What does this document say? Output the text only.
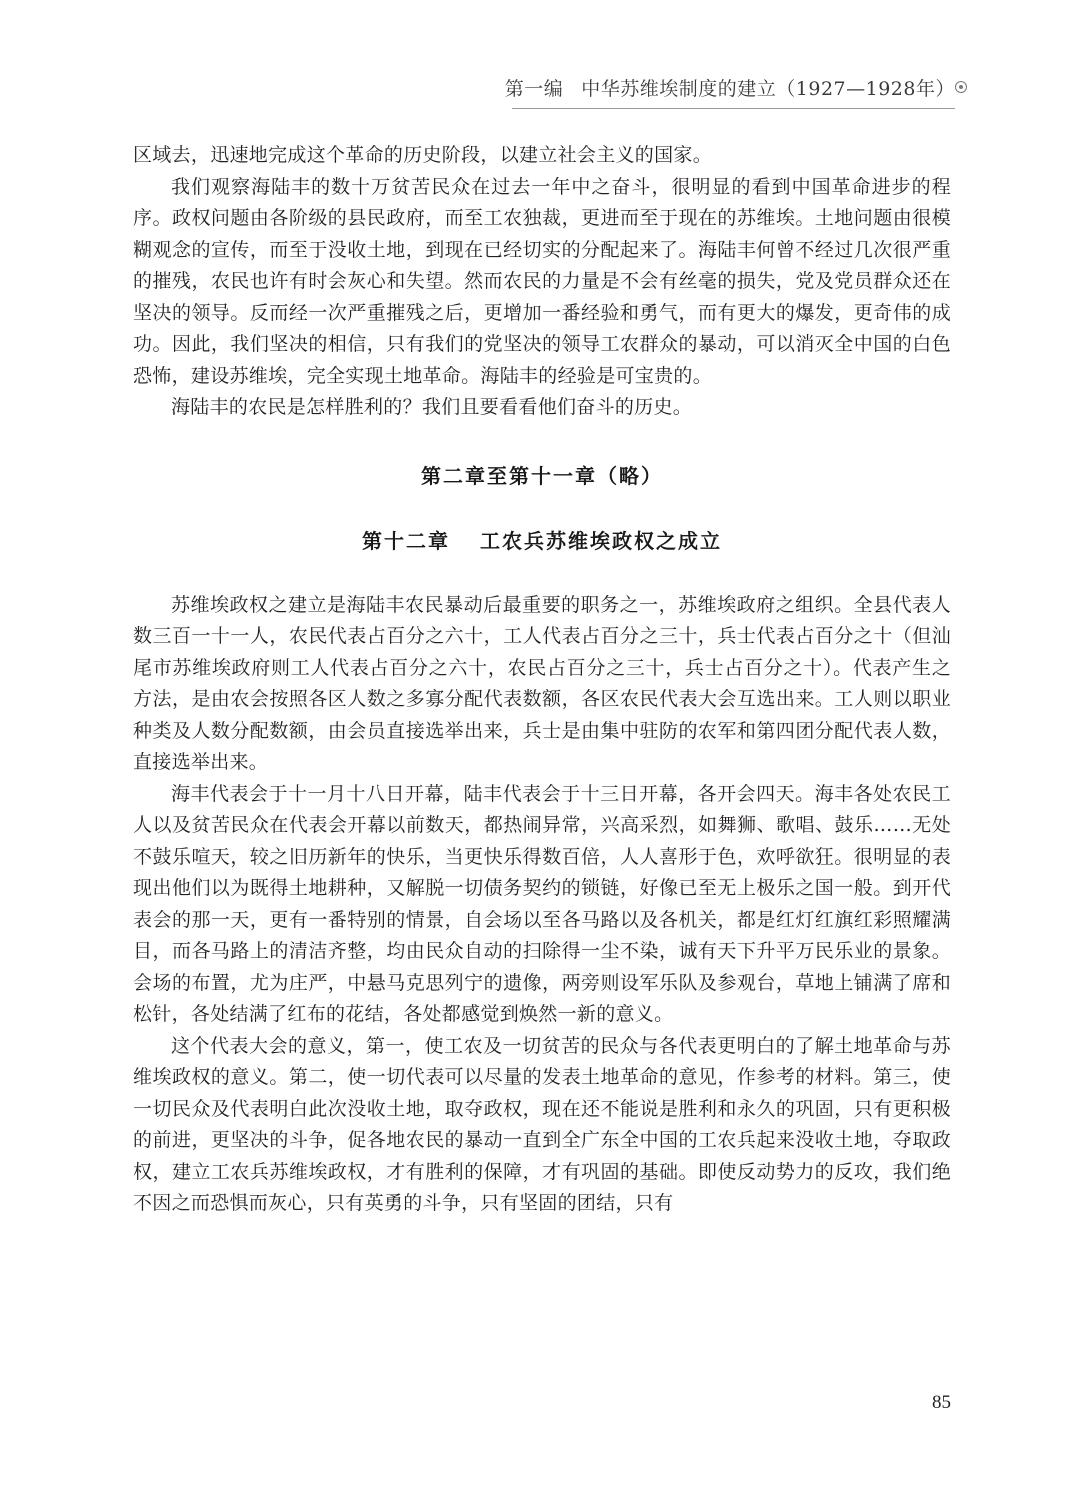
第一编 中华苏维埃制度的建立（1927—1928年）

区域去，迅速地完成这个革命的历史阶段，以建立社会主义的国家。

我们观察海陆丰的数十万贫苦民众在过去一年中之奋斗，很明显的看到中国革命进步的程序。政权问题由各阶级的县民政府，而至工农独裁，更进而至于现在的苏维埃。土地问题由很模糊观念的宣传，而至于没收土地，到现在已经切实的分配起来了。海陆丰何曾不经过几次很严重的摧残，农民也许有时会灰心和失望。然而农民的力量是不会有丝毫的损失，党及党员群众还在坚决的领导。反而经一次严重摧残之后，更增加一番经验和勇气，而有更大的爆发，更奇伟的成功。因此，我们坚决的相信，只有我们的党坚决的领导工农群众的暴动，可以消灭全中国的白色恐怖，建设苏维埃，完全实现土地革命。海陆丰的经验是可宝贵的。

海陆丰的农民是怎样胜利的？我们且要看看他们奋斗的历史。

第二章至第十一章（略）
第十二章 工农兵苏维埃政权之成立

苏维埃政权之建立是海陆丰农民暴动后最重要的职务之一，苏维埃政府之组织。全县代表人数三百一十一人，农民代表占百分之六十，工人代表占百分之三十，兵士代表占百分之十（但汕尾市苏维埃政府则工人代表占百分之六十，农民占百分之三十，兵士占百分之十）。代表产生之方法，是由农会按照各区人数之多寡分配代表数额，各区农民代表大会互选出来。工人则以职业种类及人数分配数额，由会员直接选举出来，兵士是由集中驻防的农军和第四团分配代表人数，直接选举出来。

海丰代表会于十一月十八日开幕，陆丰代表会于十三日开幕，各开会四天。海丰各处农民工人以及贫苦民众在代表会开幕以前数天，都热闹异常，兴高采烈，如舞狮、歌唱、鼓乐……无处不鼓乐喧天，较之旧历新年的快乐，当更快乐得数百倍，人人喜形于色，欢呼欲狂。很明显的表现出他们以为既得土地耕种，又解脱一切债务契约的锁链，好像已至无上极乐之国一般。到开代表会的那一天，更有一番特别的情景，自会场以至各马路以及各机关，都是红灯红旗红彩照耀满目，而各马路上的清洁齐整，均由民众自动的扫除得一尘不染，诚有天下升平万民乐业的景象。会场的布置，尤为庄严，中悬马克思列宁的遗像，两旁则设军乐队及参观台，草地上铺满了席和松针，各处结满了红布的花结，各处都感觉到焕然一新的意义。

这个代表大会的意义，第一，使工农及一切贫苦的民众与各代表更明白的了解土地革命与苏维埃政权的意义。第二，使一切代表可以尽量的发表土地革命的意见，作参考的材料。第三，使一切民众及代表明白此次没收土地，取夺政权，现在还不能说是胜利和永久的巩固，只有更积极的前进，更坚决的斗争，促各地农民的暴动一直到全广东全中国的工农兵起来没收土地，夺取政权，建立工农兵苏维埃政权，才有胜利的保障，才有巩固的基础。即使反动势力的反攻，我们绝不因之而恐惧而灰心，只有英勇的斗争，只有坚固的团结，只有

85
